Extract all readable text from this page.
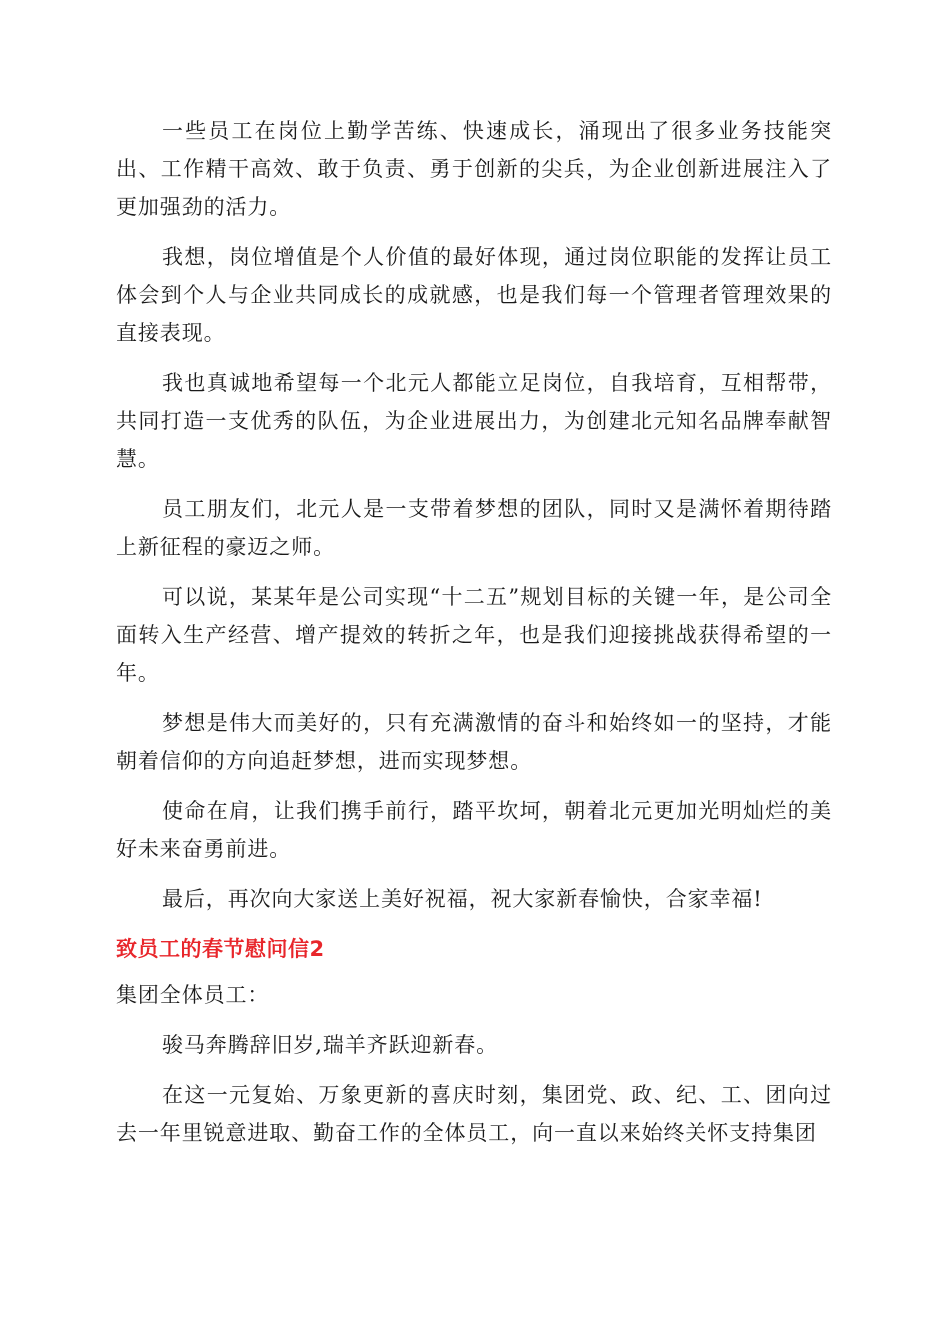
一些员工在岗位上勤学苦练、快速成长，涌现出了很多业务技能突出、工作精干高效、敢于负责、勇于创新的尖兵，为企业创新进展注入了更加强劲的活力。

我想，岗位增值是个人价值的最好体现，通过岗位职能的发挥让员工体会到个人与企业共同成长的成就感，也是我们每一个管理者管理效果的直接表现。

我也真诚地希望每一个北元人都能立足岗位，自我培育，互相帮带，共同打造一支优秀的队伍，为企业进展出力，为创建北元知名品牌奉献智慧。

员工朋友们，北元人是一支带着梦想的团队，同时又是满怀着期待踏上新征程的豪迈之师。

可以说，某某年是公司实现“十二五”规划目标的关键一年，是公司全面转入生产经营、增产提效的转折之年，也是我们迎接挑战获得希望的一年。

梦想是伟大而美好的，只有充满激情的奋斗和始终如一的坚持，才能朝着信仰的方向追赶梦想，进而实现梦想。

使命在肩，让我们携手前行，踏平坎坷，朝着北元更加光明灿烂的美好未来奋勇前进。

最后，再次向大家送上美好祝福，祝大家新春愉快，合家幸福!

致员工的春节慰问信2

集团全体员工：

骏马奔腾辞旧岁,瑞羊齐跃迎新春。

在这一元复始、万象更新的喜庆时刻，集团党、政、纪、工、团向过去一年里锐意进取、勤奋工作的全体员工，向一直以来始终关怀支持集团
